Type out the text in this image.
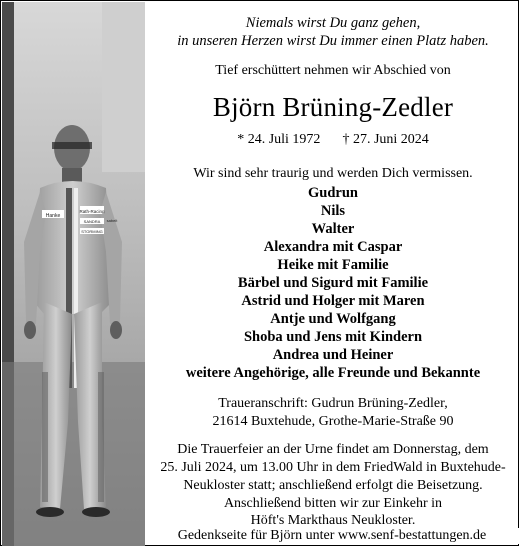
Hanke
Rath-Racing
SANDRA
STORMING
sabelt
Niemals wirst Du ganz gehen,
in unseren Herzen wirst Du immer einen Platz haben.
Tief erschüttert nehmen wir Abschied von
Björn Brüning-Zedler
* 24. Juli 1972 † 27. Juni 2024
Wir sind sehr traurig und werden Dich vermissen.
Gudrun
Nils
Walter
Alexandra mit Caspar
Heike mit Familie
Bärbel und Sigurd mit Familie
Astrid und Holger mit Maren
Antje und Wolfgang
Shoba und Jens mit Kindern
Andrea und Heiner
weitere Angehörige, alle Freunde und Bekannte
Traueranschrift: Gudrun Brüning-Zedler,
21614 Buxtehude, Grothe-Marie-Straße 90
Die Trauerfeier an der Urne findet am Donnerstag, dem
25. Juli 2024, um 13.00 Uhr in dem FriedWald in Buxtehude-
Neukloster statt; anschließend erfolgt die Beisetzung.
Anschließend bitten wir zur Einkehr in
Höft's Markthaus Neukloster.
Gedenkseite für Björn unter www.senf-bestattungen.de
